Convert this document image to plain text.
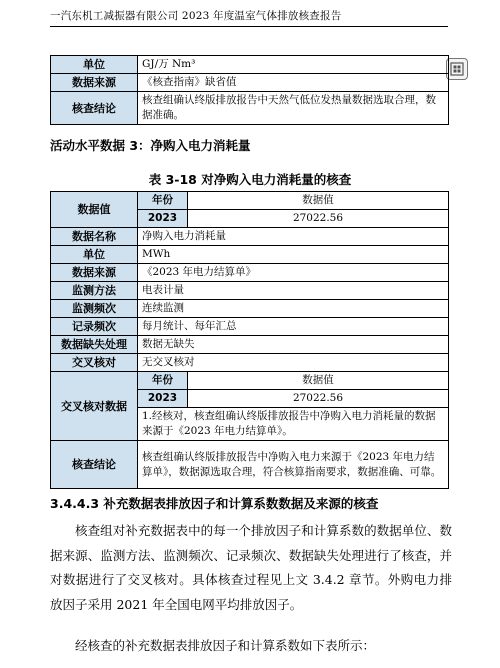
一汽东机工减振器有限公司 2023 年度温室气体排放核查报告
单位	GJ/万 Nm³
数据来源	《核查指南》缺省值
核查结论	核查组确认终版排放报告中天然气低位发热量数据选取合理，数据准确。
活动水平数据 3：净购入电力消耗量
表 3-18 对净购入电力消耗量的核查
数据值	年份	数据值
	2023	27022.56
数据名称	净购入电力消耗量	
单位	MWh	
数据来源	《2023 年电力结算单》	
监测方法	电表计量	
监测频次	连续监测	
记录频次	每月统计、每年汇总	
数据缺失处理	数据无缺失	
交叉核对	无交叉核对	
交叉核对数据	年份	数据值
	2023	27022.56
	1.经核对，核查组确认终版排放报告中净购入电力消耗量的数据来源于《2023 年电力结算单》。	
核查结论	核查组确认终版排放报告中净购入电力来源于《2023 年电力结算单》，数据源选取合理，符合核算指南要求，数据准确、可靠。	
3.4.4.3 补充数据表排放因子和计算系数数据及来源的核查
核查组对补充数据表中的每一个排放因子和计算系数的数据单位、数据来源、监测方法、监测频次、记录频次、数据缺失处理进行了核查，并对数据进行了交叉核对。具体核查过程见上文 3.4.2 章节。外购电力排放因子采用 2021 年全国电网平均排放因子。
经核查的补充数据表排放因子和计算系数如下表所示：
